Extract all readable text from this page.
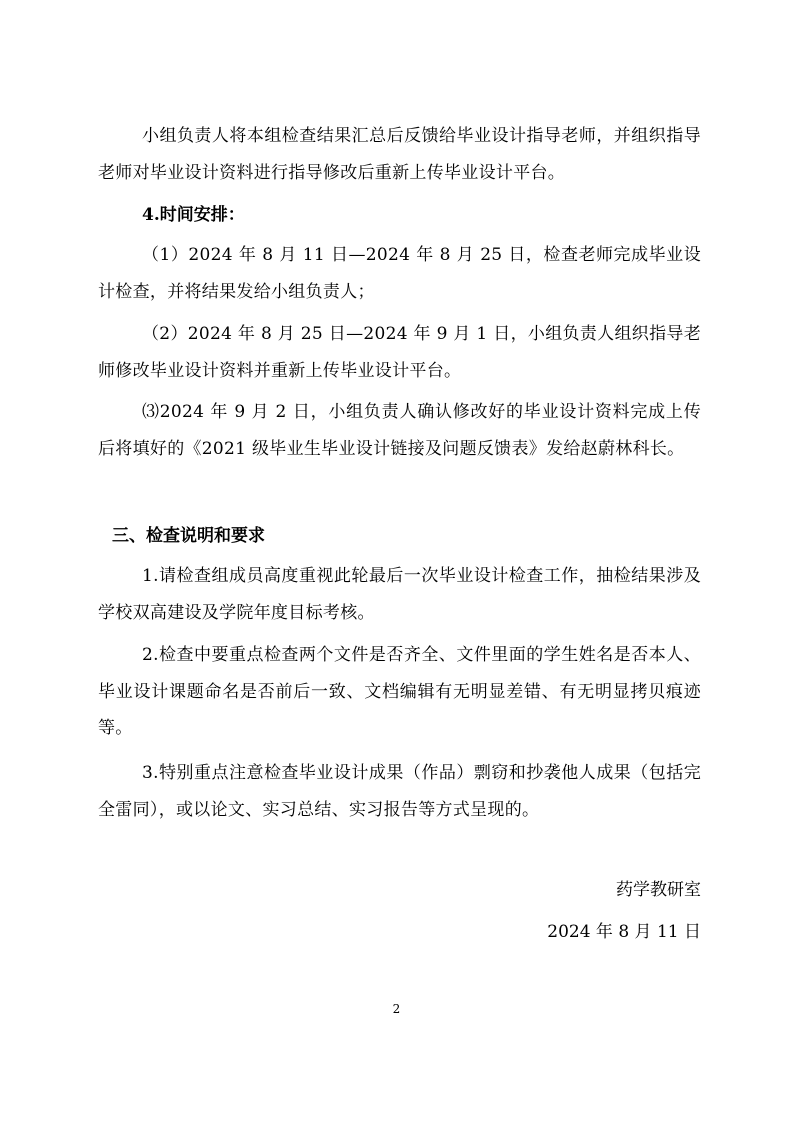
小组负责人将本组检查结果汇总后反馈给毕业设计指导老师，并组织指导老师对毕业设计资料进行指导修改后重新上传毕业设计平台。

4.时间安排：

（1）2024 年 8 月 11 日—2024 年 8 月 25 日，检查老师完成毕业设计检查，并将结果发给小组负责人；

（2）2024 年 8 月 25 日—2024 年 9 月 1 日，小组负责人组织指导老师修改毕业设计资料并重新上传毕业设计平台。

⑶2024 年 9 月 2 日，小组负责人确认修改好的毕业设计资料完成上传后将填好的《2021 级毕业生毕业设计链接及问题反馈表》发给赵蔚林科长。

三、检查说明和要求

1.请检查组成员高度重视此轮最后一次毕业设计检查工作，抽检结果涉及学校双高建设及学院年度目标考核。

2.检查中要重点检查两个文件是否齐全、文件里面的学生姓名是否本人、毕业设计课题命名是否前后一致、文档编辑有无明显差错、有无明显拷贝痕迹等。

3.特别重点注意检查毕业设计成果（作品）剽窃和抄袭他人成果（包括完全雷同），或以论文、实习总结、实习报告等方式呈现的。

药学教研室

2024 年 8 月 11 日

2
